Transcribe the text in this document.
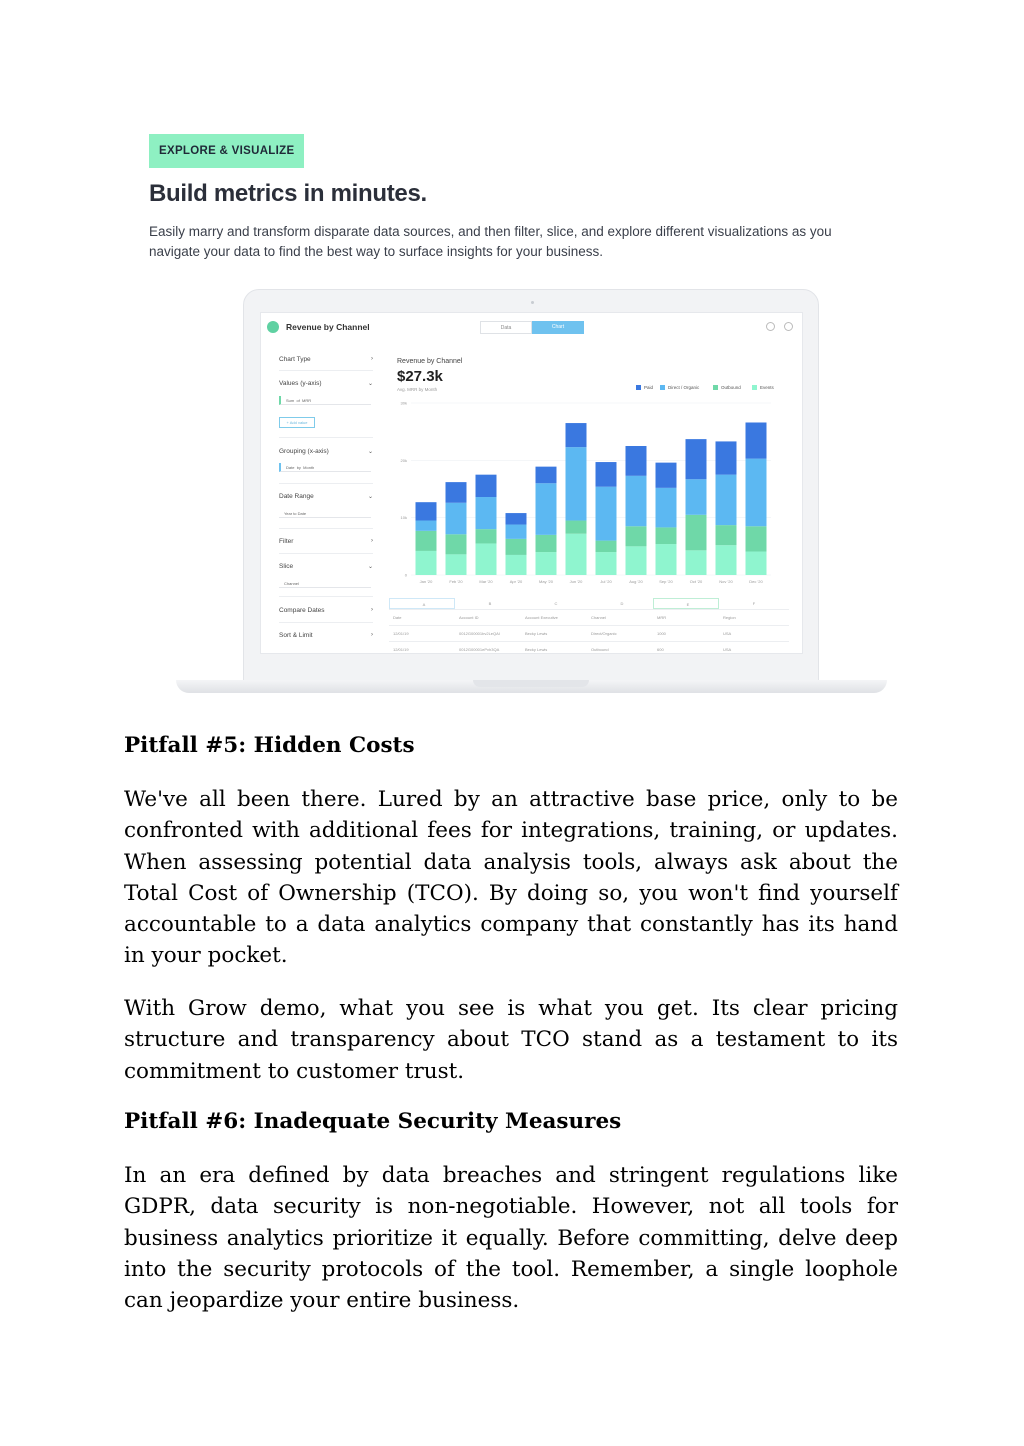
EXPLORE & VISUALIZE
Build metrics in minutes.
Easily marry and transform disparate data sources, and then filter, slice, and explore different visualizations as you navigate your data to find the best way to surface insights for your business.
Revenue by Channel	Data	Chart
Chart Type	›
Values (y-axis)	⌄
Sum of MRR
+ Add value
Grouping (x-axis)	⌄
Date by Month
Date Range	⌄
Year to Date
Filter	›
Slice	⌄
Channel
Compare Dates	›
Sort & Limit	›
Revenue by Channel
$27.3k
Avg. MRR by Month	Paid	Direct / Organic	Outbound	Events
0
10k
20k
30k
Jan '20	Feb '20	Mar '20	Apr '20	May '20	Jun '20	Jul '20	Aug '20	Sep '20	Oct '20	Nov '20	Dec '20
A	B	C	D	E	F
Date	Account ID	Account Executive	Channel	MRR	Region
12/01/19	0012G00001bv2LeQAI	Becky Lewis	Direct/Organic	1000	USA
12/01/19	0012G00001ePvh3QA	Becky Lewis	Outbound	600	USA
Pitfall #5: Hidden Costs
We've all been there. Lured by an attractive base price, only to be confronted with additional fees for integrations, training, or updates. When assessing potential data analysis tools, always ask about the Total Cost of Ownership (TCO). By doing so, you won't find yourself accountable to a data analytics company that constantly has its hand in your pocket.
With Grow demo, what you see is what you get. Its clear pricing structure and transparency about TCO stand as a testament to its commitment to customer trust.
Pitfall #6: Inadequate Security Measures
In an era defined by data breaches and stringent regulations like GDPR, data security is non-negotiable. However, not all tools for business analytics prioritize it equally. Before committing, delve deep into the security protocols of the tool. Remember, a single loophole can jeopardize your entire business.
